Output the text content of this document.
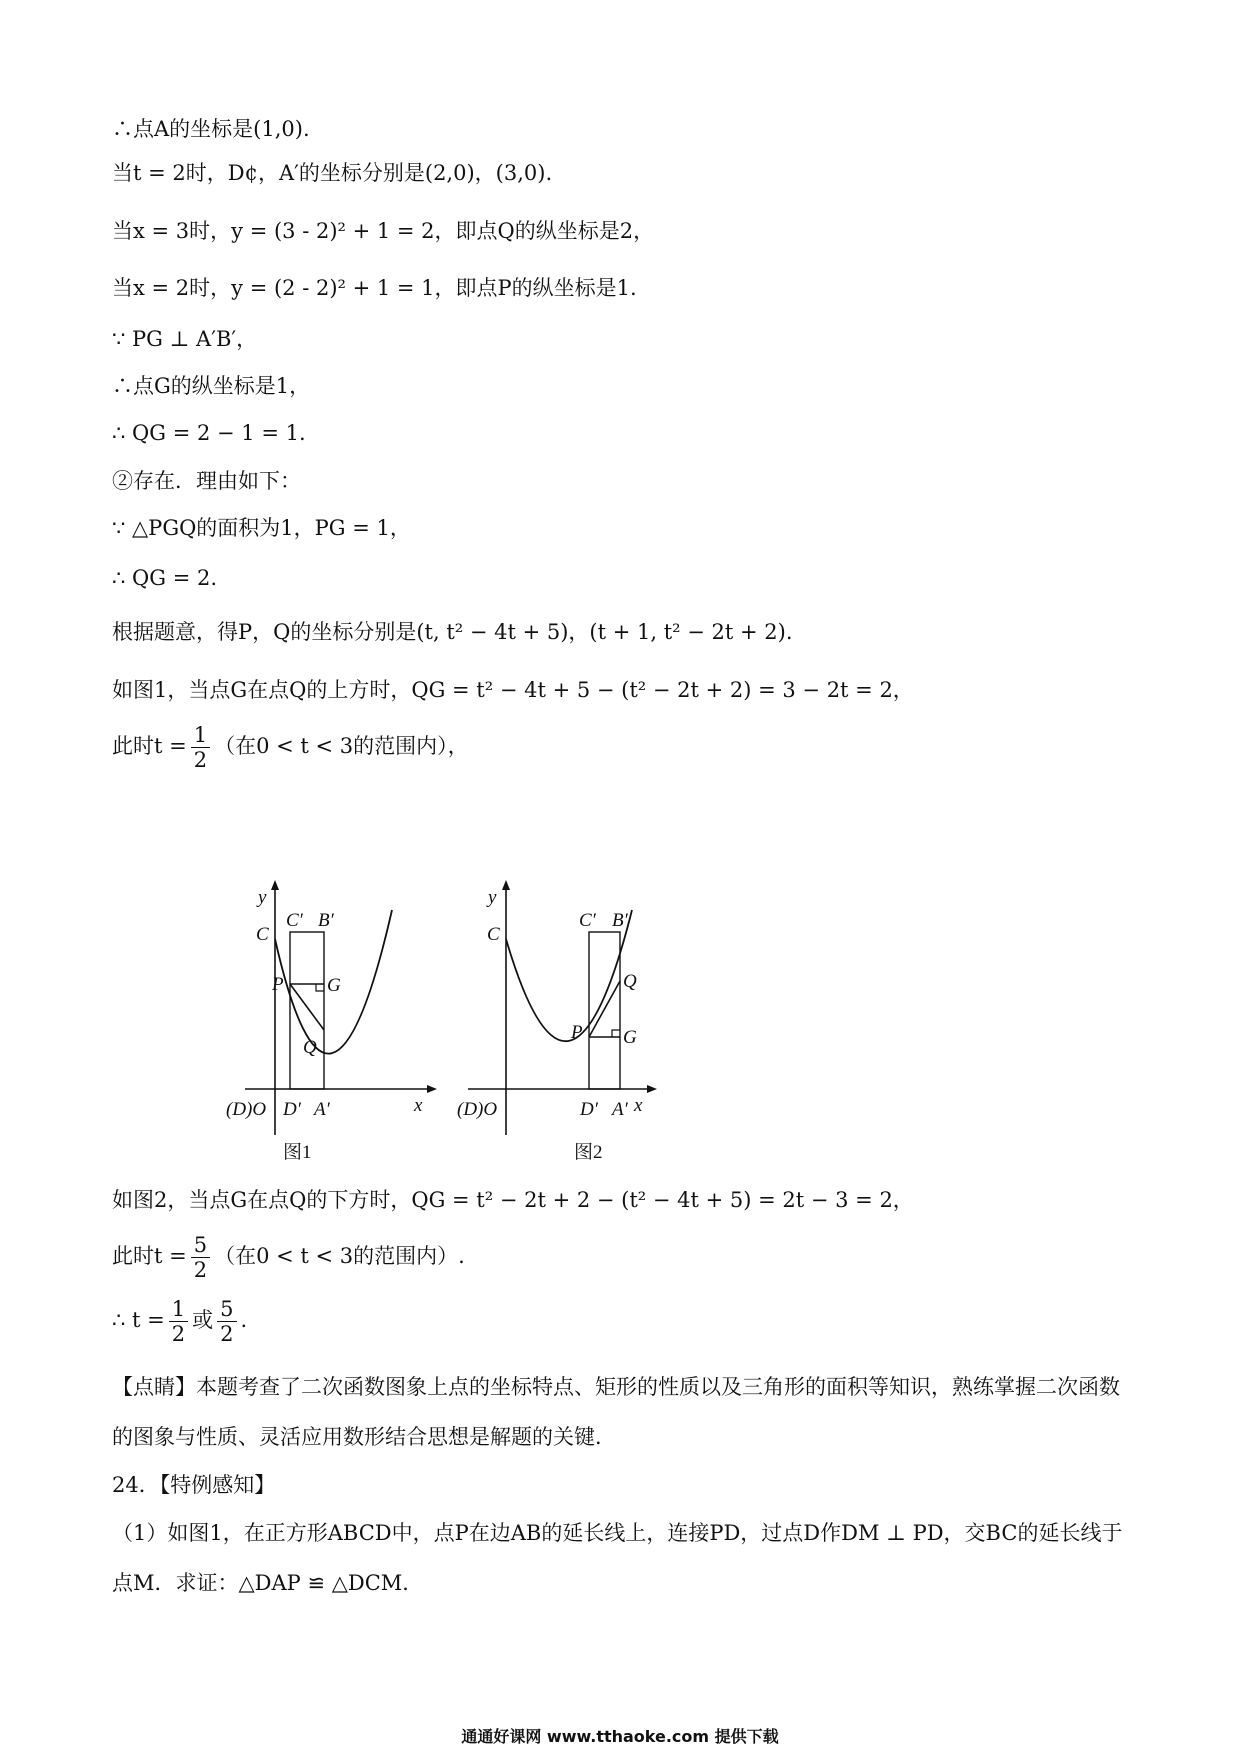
∴点A的坐标是(1,0).
当t = 2时，D¢，A′的坐标分别是(2,0)，(3,0).
当x = 3时，y = (3 - 2)² + 1 = 2，即点Q的纵坐标是2，
当x = 2时，y = (2 - 2)² + 1 = 1，即点P的纵坐标是1.
∵ PG ⊥ A′B′，
∴点G的纵坐标是1，
∴ QG = 2 − 1 = 1.
②存在．理由如下：
∵ △PGQ的面积为1，PG = 1，
∴ QG = 2.
根据题意，得P，Q的坐标分别是(t, t² − 4t + 5)，(t + 1, t² − 2t + 2).
如图1，当点G在点Q的上方时，QG = t² − 4t + 5 − (t² − 2t + 2) = 3 − 2t = 2，
此时$t = \frac{1}{2}$ （在0 < t < 3的范围内），
y
C
C′ B′
P G
Q
(D)O D′ A′	x
y
C
C′ B′
Q
P G
(D)O	D′ A′ x
图1	图2
如图2，当点G在点Q的下方时，QG = t² − 2t + 2 − (t² − 4t + 5) = 2t − 3 = 2，
此时$t = \frac{5}{2}$ （在0 < t < 3的范围内）.
∴ $t = \frac{1}{2}$ 或 $\frac{5}{2}$ .
【点睛】本题考查了二次函数图象上点的坐标特点、矩形的性质以及三角形的面积等知识，熟练掌握二次函数的图象与性质、灵活应用数形结合思想是解题的关键．
24．【特例感知】
（1）如图1，在正方形ABCD中，点P在边AB的延长线上，连接PD，过点D作DM ⊥ PD，交BC的延长线于点M．求证：△DAP ≌ △DCM．
通通好课网 www.tthaoke.com 提供下载
